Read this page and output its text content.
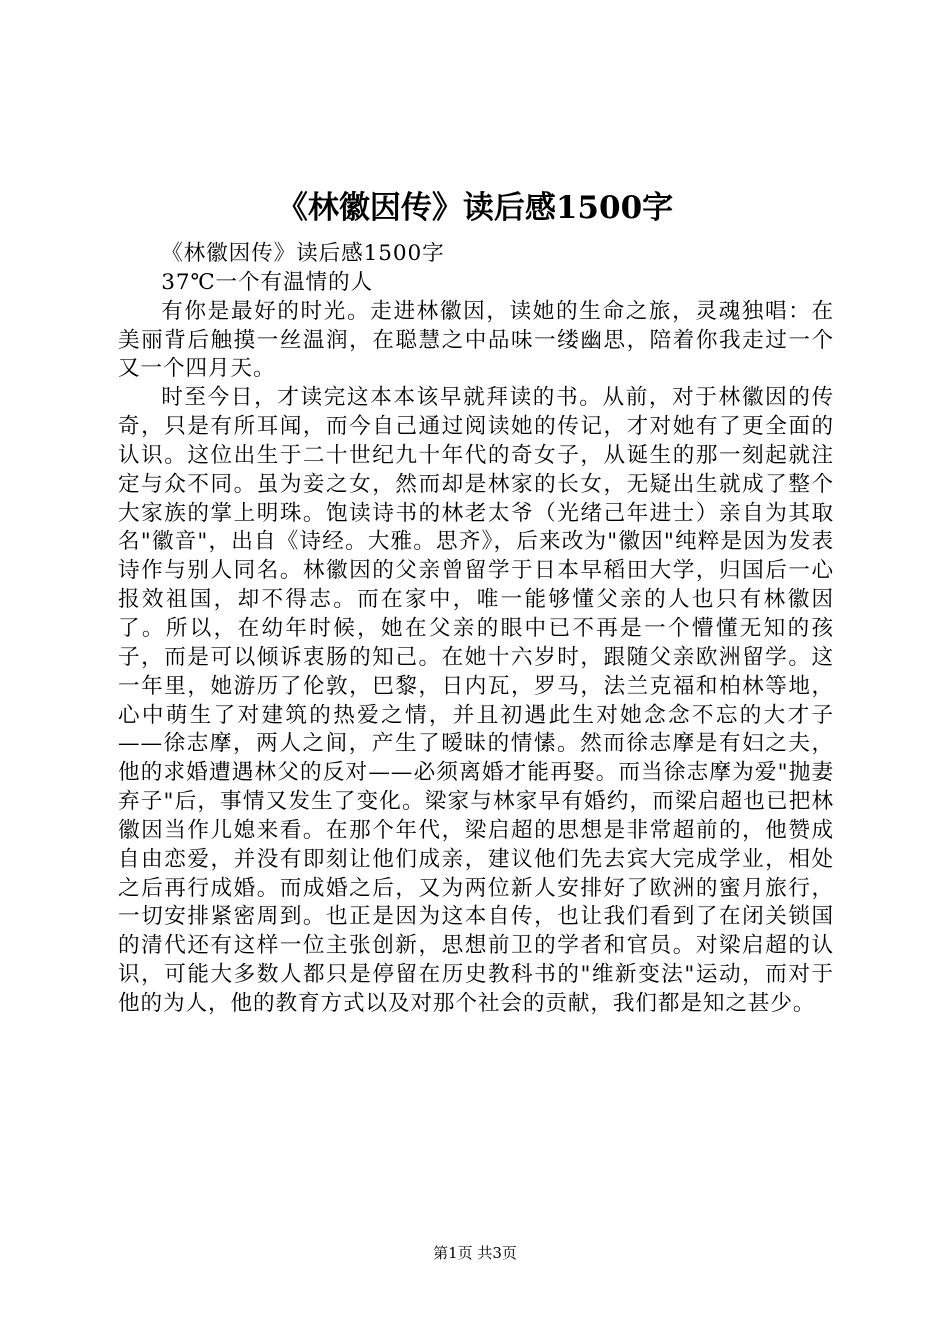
《林徽因传》读后感1500字

《林徽因传》读后感1500字

37℃一个有温情的人

有你是最好的时光。走进林徽因，读她的生命之旅，灵魂独唱：在美丽背后触摸一丝温润，在聪慧之中品味一缕幽思，陪着你我走过一个又一个四月天。

时至今日，才读完这本本该早就拜读的书。从前，对于林徽因的传奇，只是有所耳闻，而今自己通过阅读她的传记，才对她有了更全面的认识。这位出生于二十世纪九十年代的奇女子，从诞生的那一刻起就注定与众不同。虽为妾之女，然而却是林家的长女，无疑出生就成了整个大家族的掌上明珠。饱读诗书的林老太爷（光绪己年进士）亲自为其取名"徽音"，出自《诗经。大雅。思齐》，后来改为"徽因"纯粹是因为发表诗作与别人同名。林徽因的父亲曾留学于日本早稻田大学，归国后一心报效祖国，却不得志。而在家中，唯一能够懂父亲的人也只有林徽因了。所以，在幼年时候，她在父亲的眼中已不再是一个懵懂无知的孩子，而是可以倾诉衷肠的知己。在她十六岁时，跟随父亲欧洲留学。这一年里，她游历了伦敦，巴黎，日内瓦，罗马，法兰克福和柏林等地，心中萌生了对建筑的热爱之情，并且初遇此生对她念念不忘的大才子——徐志摩，两人之间，产生了暧昧的情愫。然而徐志摩是有妇之夫，他的求婚遭遇林父的反对——必须离婚才能再娶。而当徐志摩为爱"抛妻弃子"后，事情又发生了变化。梁家与林家早有婚约，而梁启超也已把林徽因当作儿媳来看。在那个年代，梁启超的思想是非常超前的，他赞成自由恋爱，并没有即刻让他们成亲，建议他们先去宾大完成学业，相处之后再行成婚。而成婚之后，又为两位新人安排好了欧洲的蜜月旅行，一切安排紧密周到。也正是因为这本自传，也让我们看到了在闭关锁国的清代还有这样一位主张创新，思想前卫的学者和官员。对梁启超的认识，可能大多数人都只是停留在历史教科书的"维新变法"运动，而对于他的为人，他的教育方式以及对那个社会的贡献，我们都是知之甚少。

第1页 共3页
